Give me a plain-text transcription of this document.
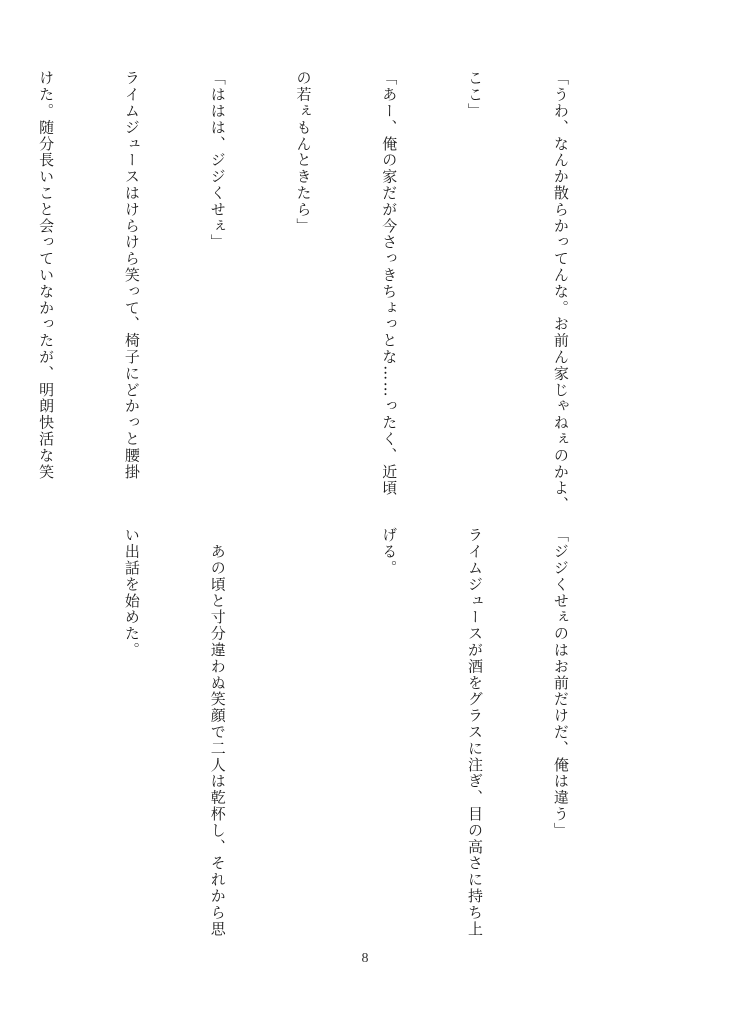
「うわ、なんか散らかってんな。お前ん家じゃねぇのかよ、

ここ」

「あー、俺の家だが今さっきちょっとな……ったく、近頃

の若ぇもんときたら」

「ははは、ジジくせぇ」

ライムジュースはけらけら笑って、椅子にどかっと腰掛

けた。随分長いこと会っていなかったが、明朗快活な笑

「ジジくせぇのはお前だけだ、俺は違う」

ライムジュースが酒をグラスに注ぎ、目の高さに持ち上

げる。

　あの頃と寸分違わぬ笑顔で二人は乾杯し、それから思

い出話を始めた。

8
